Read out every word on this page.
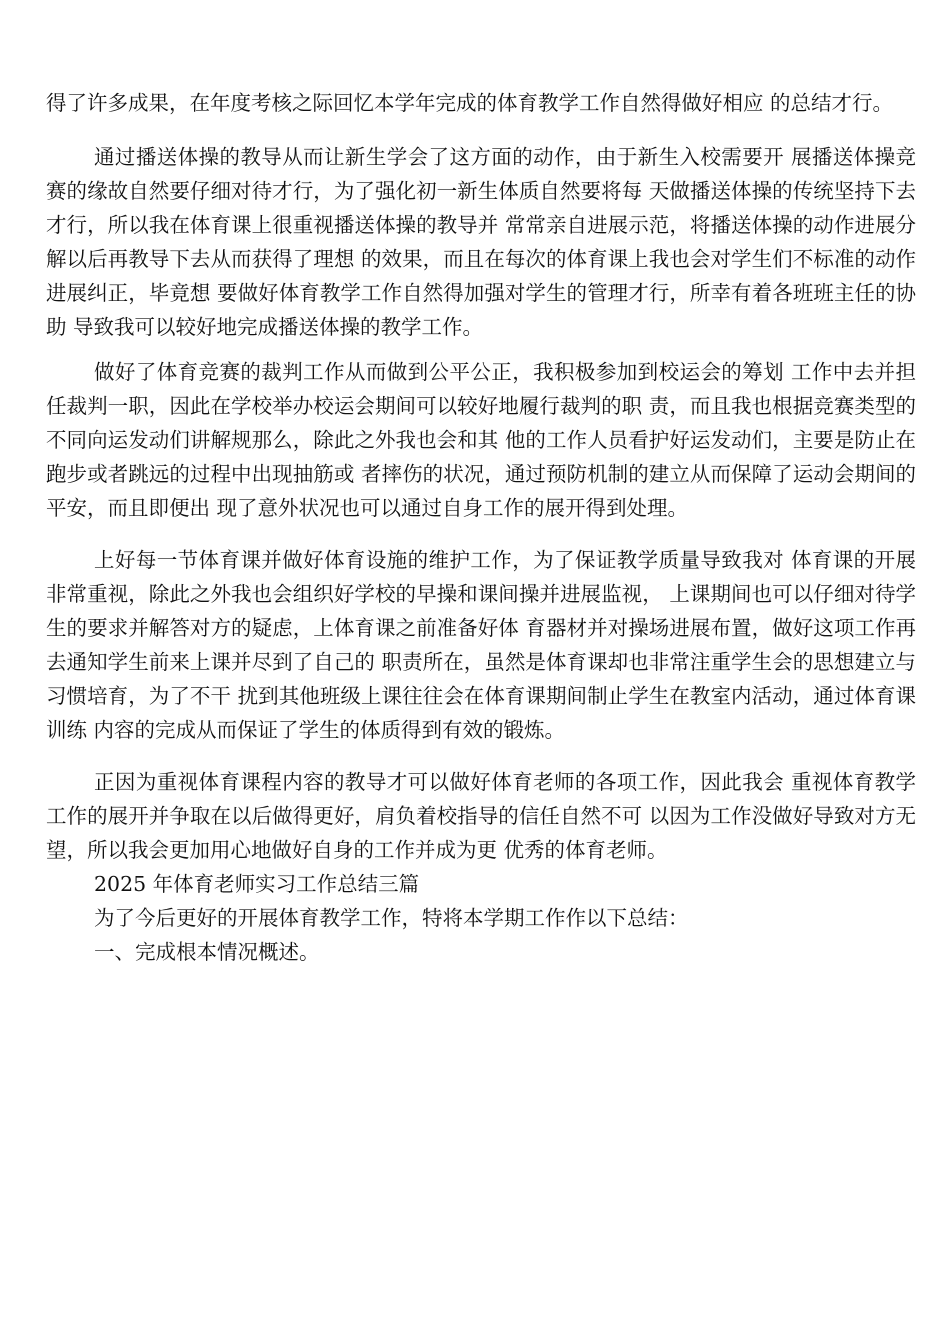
得了许多成果，在年度考核之际回忆本学年完成的体育教学工作自然得做好相应 的总结才行。

通过播送体操的教导从而让新生学会了这方面的动作，由于新生入校需要开 展播送体操竞赛的缘故自然要仔细对待才行，为了强化初一新生体质自然要将每 天做播送体操的传统坚持下去才行，所以我在体育课上很重视播送体操的教导并 常常亲自进展示范，将播送体操的动作进展分解以后再教导下去从而获得了理想 的效果，而且在每次的体育课上我也会对学生们不标准的动作进展纠正，毕竟想 要做好体育教学工作自然得加强对学生的管理才行，所幸有着各班班主任的协助 导致我可以较好地完成播送体操的教学工作。

做好了体育竞赛的裁判工作从而做到公平公正，我积极参加到校运会的筹划 工作中去并担任裁判一职，因此在学校举办校运会期间可以较好地履行裁判的职 责，而且我也根据竞赛类型的不同向运发动们讲解规那么，除此之外我也会和其 他的工作人员看护好运发动们，主要是防止在跑步或者跳远的过程中出现抽筋或 者摔伤的状况，通过预防机制的建立从而保障了运动会期间的平安，而且即便出 现了意外状况也可以通过自身工作的展开得到处理。

上好每一节体育课并做好体育设施的维护工作，为了保证教学质量导致我对 体育课的开展非常重视，除此之外我也会组织好学校的早操和课间操并进展监视， 上课期间也可以仔细对待学生的要求并解答对方的疑虑，上体育课之前准备好体 育器材并对操场进展布置，做好这项工作再去通知学生前来上课并尽到了自己的 职责所在，虽然是体育课却也非常注重学生会的思想建立与习惯培育，为了不干 扰到其他班级上课往往会在体育课期间制止学生在教室内活动，通过体育课训练 内容的完成从而保证了学生的体质得到有效的锻炼。

正因为重视体育课程内容的教导才可以做好体育老师的各项工作，因此我会 重视体育教学工作的展开并争取在以后做得更好，肩负着校指导的信任自然不可 以因为工作没做好导致对方无望，所以我会更加用心地做好自身的工作并成为更 优秀的体育老师。

2025 年体育老师实习工作总结三篇

为了今后更好的开展体育教学工作，特将本学期工作作以下总结：

一、完成根本情况概述。
